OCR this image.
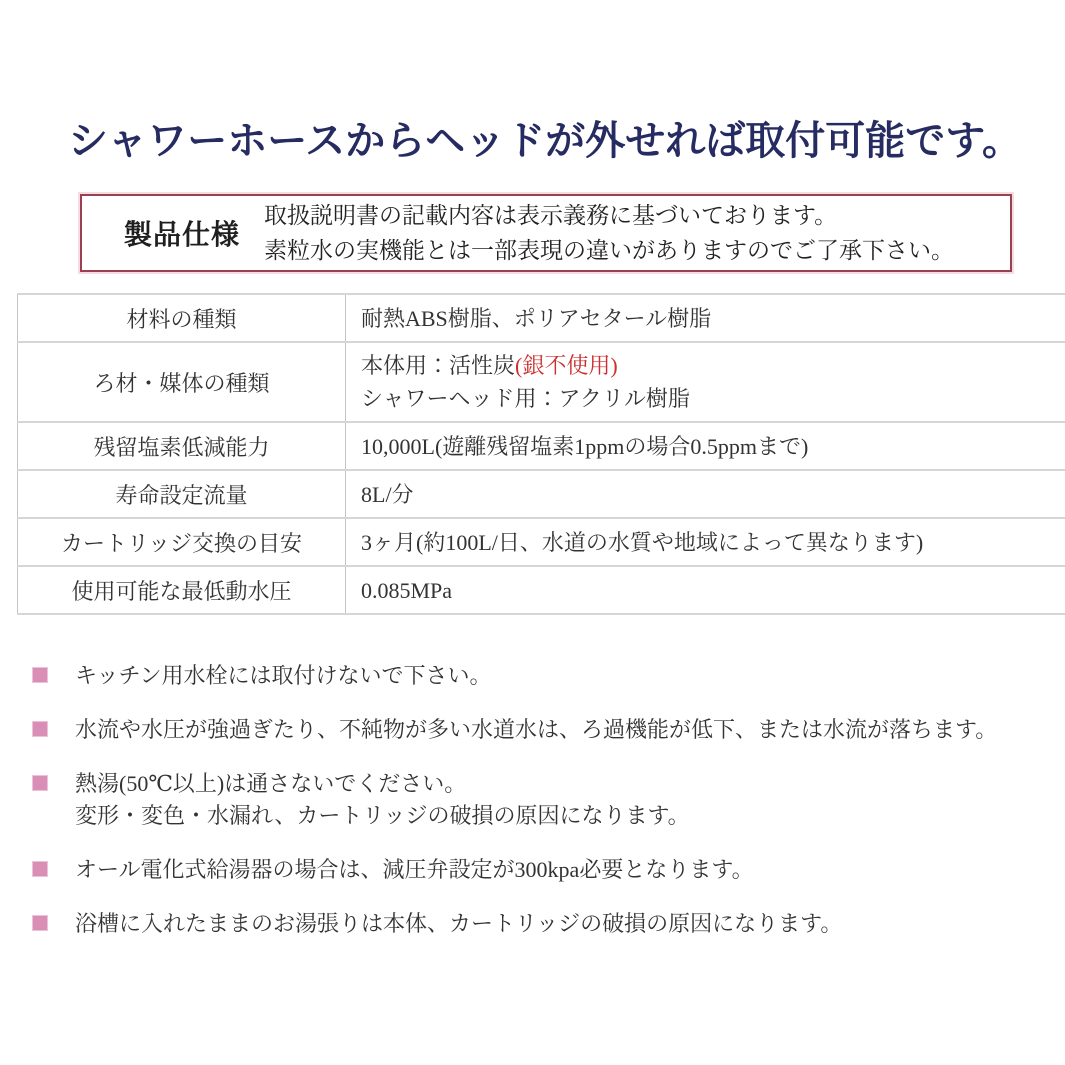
シャワーホースからヘッドが外せれば取付可能です。
製品仕様
取扱説明書の記載内容は表示義務に基づいております。
素粒水の実機能とは一部表現の違いがありますのでご了承下さい。
材料の種類	耐熱ABS樹脂、ポリアセタール樹脂

ろ材・媒体の種類	本体用：活性炭(銀不使用)
シャワーヘッド用：アクリル樹脂

残留塩素低減能力	10,000L(遊離残留塩素1ppmの場合0.5ppmまで)

寿命設定流量	8L/分

カートリッジ交換の目安	3ヶ月(約100L/日、水道の水質や地域によって異なります)

使用可能な最低動水圧	0.085MPa
キッチン用水栓には取付けないで下さい。
水流や水圧が強過ぎたり、不純物が多い水道水は、ろ過機能が低下、または水流が落ちます。
熱湯(50℃以上)は通さないでください。
変形・変色・水漏れ、カートリッジの破損の原因になります。
オール電化式給湯器の場合は、減圧弁設定が300kpa必要となります。
浴槽に入れたままのお湯張りは本体、カートリッジの破損の原因になります。
